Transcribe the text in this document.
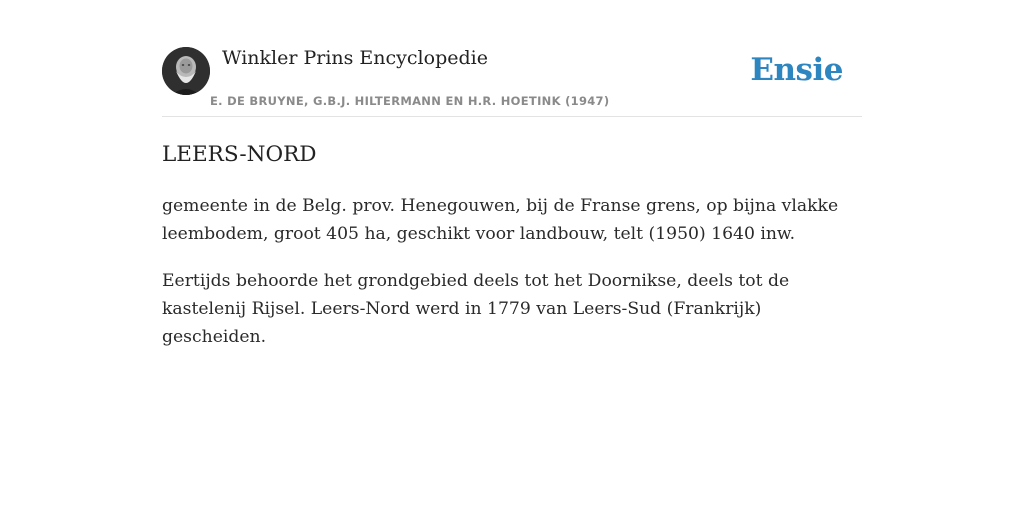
Winkler Prins Encyclopedie
E. DE BRUYNE, G.B.J. HILTERMANN EN H.R. HOETINK (1947)
Ensie
LEERS-NORD

gemeente in de Belg. prov. Henegouwen, bij de Franse grens, op bijna vlakke leembodem, groot 405 ha, geschikt voor landbouw, telt (1950) 1640 inw.

Eertijds behoorde het grondgebied deels tot het Doornikse, deels tot de kastelenij Rijsel. Leers-Nord werd in 1779 van Leers-Sud (Frankrijk) gescheiden.
